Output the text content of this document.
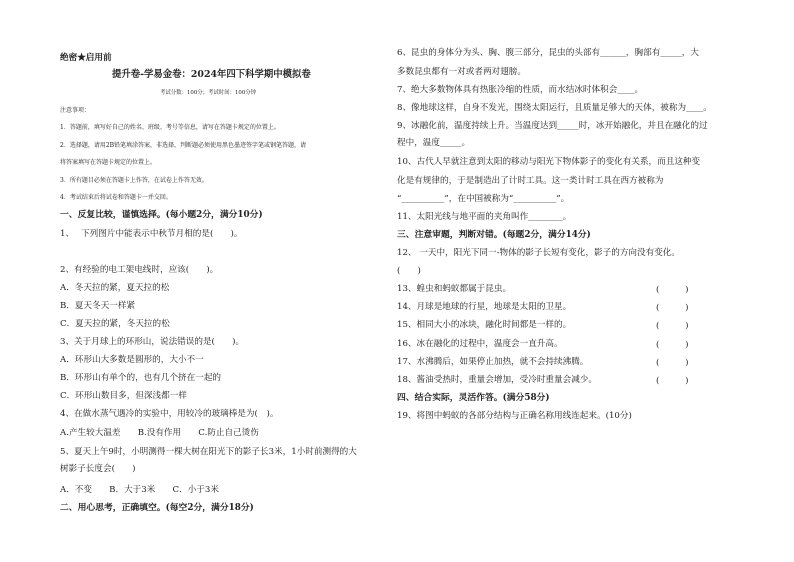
绝密★启用前
提升卷-学易金卷：2024年四下科学期中模拟卷
考试分数：100分；考试时间：100分钟
注意事项：
1．答题前，填写好自己的姓名、班级、考号等信息，请写在答题卡规定的位置上。
2．选择题，请用2B铅笔填涂答案，非选择，判断题必须使用黑色墨迹签字笔或钢笔答题，请
将答案填写在答题卡规定的位置上。
3．所有题目必须在答题卡上作答，在试卷上作答无效。
4．考试结束后将试卷和答题卡一并交回。
一、反复比较，谨慎选择。(每小题2分，满分10分)
1、　 下列图片中能表示中秋节月相的是(　　)。
2、有经验的电工架电线时，应该(　　)。
A．冬天拉的紧，夏天拉的松
B．夏天冬天一样紧
C．夏天拉的紧，冬天拉的松
3、关于月球上的环形山，说法错误的是(　　)。
A．环形山大多数是圆形的，大小不一
B．环形山有单个的，也有几个挤在一起的
C．环形山数目多，但深浅都一样
4、在做水蒸气遇冷的实验中，用较冷的玻璃棒是为(　)。
A.产生较大温差　　B.没有作用　　C.防止自己烫伤
5、夏天上午9时，小明测得一棵大树在阳光下的影子长3米，1小时前测得的大
树影子长度会(　　)
A．不变　　B．大于3米　　C．小于3米
二、用心思考，正确填空。(每空2分，满分18分)
6、昆虫的身体分为头、胸、腹三部分，昆虫的头部有______，胸部有_____，大
多数昆虫都有一对或者两对翅膀。
7、绝大多数物体具有热胀冷缩的性质，而水结冰时体积会____。
8、像地球这样，自身不发光，围绕太阳运行，且质量足够大的天体，被称为____。
9、冰融化前，温度持续上升。当温度达到_____时，冰开始融化，并且在融化的过
程中，温度_____。
10、古代人早就注意到太阳的移动与阳光下物体影子的变化有关系，而且这种变
化是有规律的，于是制造出了计时工具。这一类计时工具在西方被称为
“__________”，在中国被称为“__________”。
11、太阳光线与地平面的夹角叫作________。
三、注意审题，判断对错。(每题2分，满分14分)
12、 一天中，阳光下同一-物体的影子长短有变化，影子的方向没有变化。
(　　)
13、蝗虫和蚂蚁都属于昆虫。	(　　　)
14、月球是地球的行星，地球是太阳的卫星。	(　　　)
15、相同大小的冰块，融化时间都是一样的。	(　　　)
16、冰在融化的过程中，温度会一直升高。	(　　　)
17、水沸腾后，如果停止加热，就不会持续沸腾。	(　　　)
18、酱油受热时，重量会增加，受冷时重量会减少。	(　　　)
四、结合实际，灵活作答。(满分58分)
19、将图中蚂蚁的各部分结构与正确名称用线连起来。(10分)
